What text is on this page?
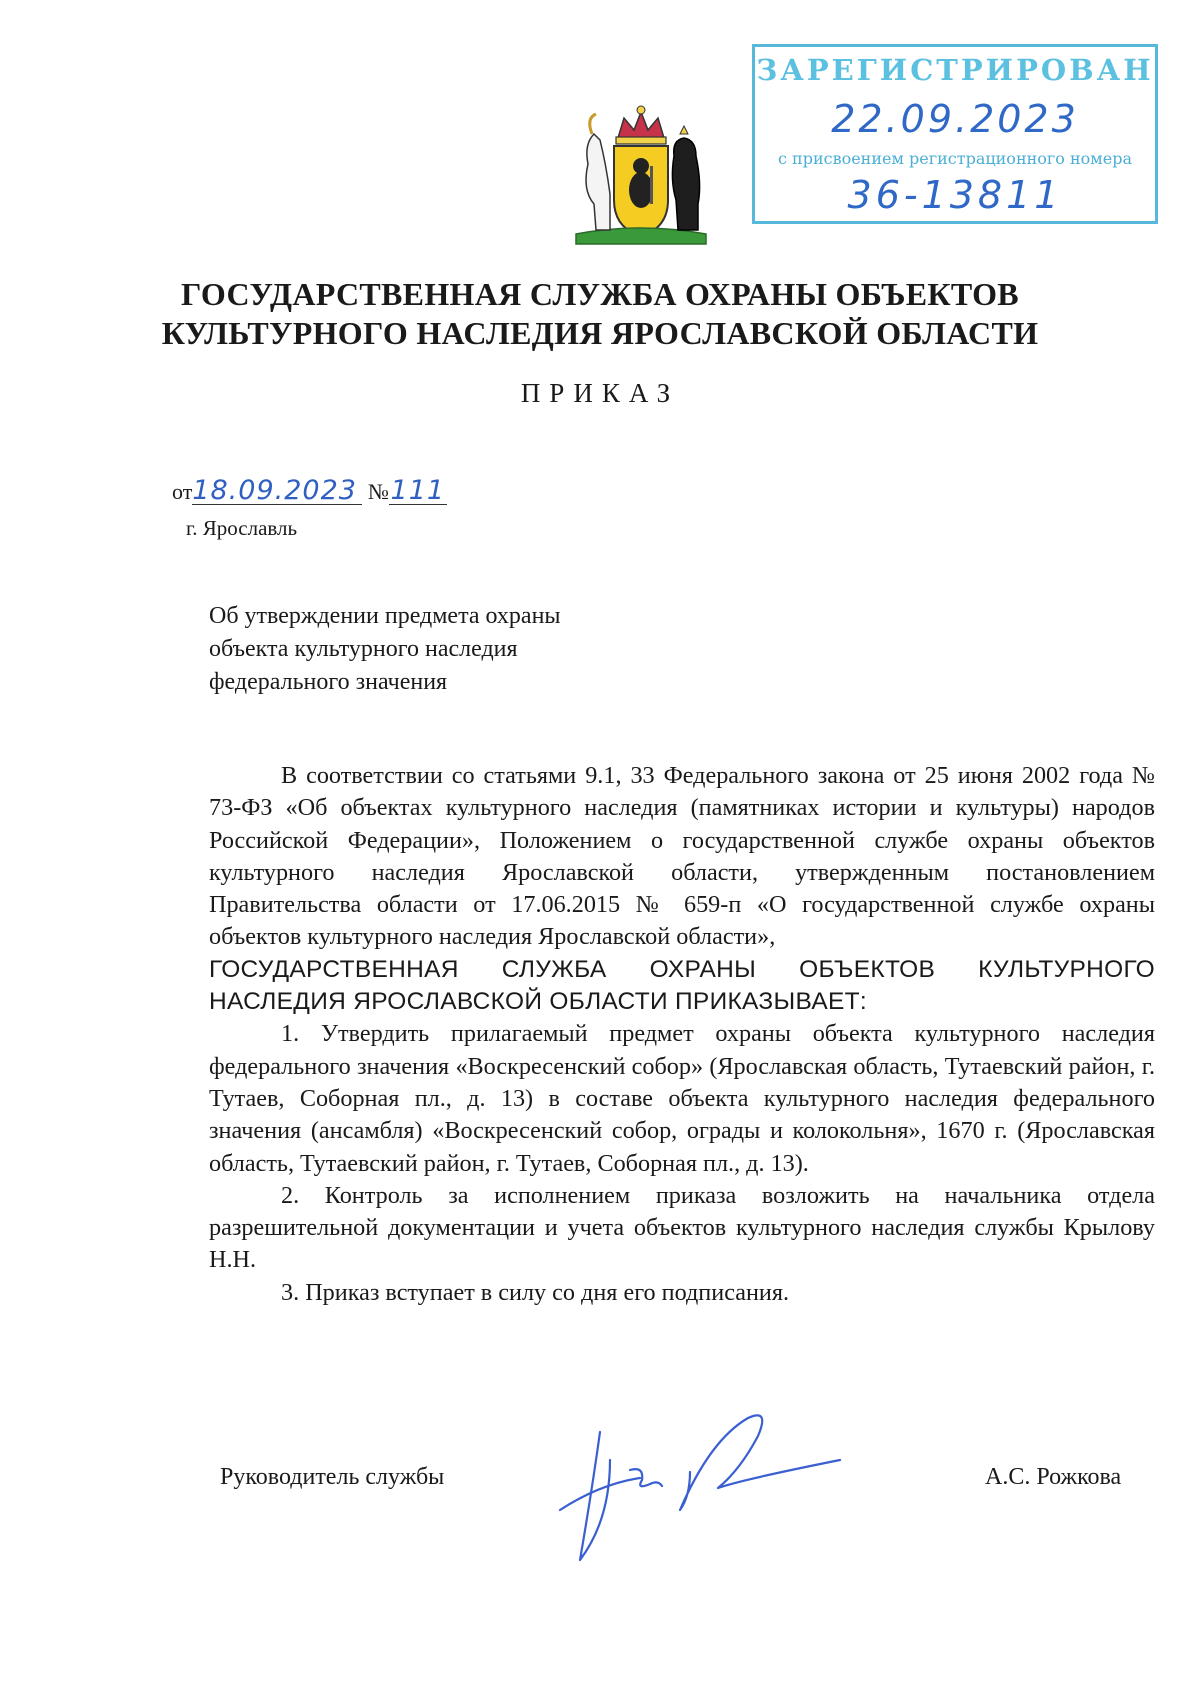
ЗАРЕГИСТРИРОВАН
22.09.2023
с присвоением регистрационного номера
36-13811
ГОСУДАРСТВЕННАЯ СЛУЖБА ОХРАНЫ ОБЪЕКТОВ
КУЛЬТУРНОГО НАСЛЕДИЯ ЯРОСЛАВСКОЙ ОБЛАСТИ
ПРИКАЗ
от18.09.2023 №111
г. Ярославль
Об утверждении предмета охраны
объекта культурного наследия
федерального значения

В соответствии со статьями 9.1, 33 Федерального закона от 25 июня 2002 года № 73-ФЗ «Об объектах культурного наследия (памятниках истории и культуры) народов Российской Федерации», Положением о государственной службе охраны объектов культурного наследия Ярославской области, утвержденным постановлением Правительства области от 17.06.2015 № 659-п «О государственной службе охраны объектов культурного наследия Ярославской области»,

ГОСУДАРСТВЕННАЯ СЛУЖБА ОХРАНЫ ОБЪЕКТОВ КУЛЬТУРНОГО НАСЛЕДИЯ ЯРОСЛАВСКОЙ ОБЛАСТИ ПРИКАЗЫВАЕТ:

1. Утвердить прилагаемый предмет охраны объекта культурного наследия федерального значения «Воскресенский собор» (Ярославская область, Тутаевский район, г. Тутаев, Соборная пл., д. 13) в составе объекта культурного наследия федерального значения (ансамбля) «Воскресенский собор, ограды и колокольня», 1670 г. (Ярославская область, Тутаевский район, г. Тутаев, Соборная пл., д. 13).

2. Контроль за исполнением приказа возложить на начальника отдела разрешительной документации и учета объектов культурного наследия службы Крылову Н.Н.

3. Приказ вступает в силу со дня его подписания.

Руководитель службы	А.С. Рожкова
